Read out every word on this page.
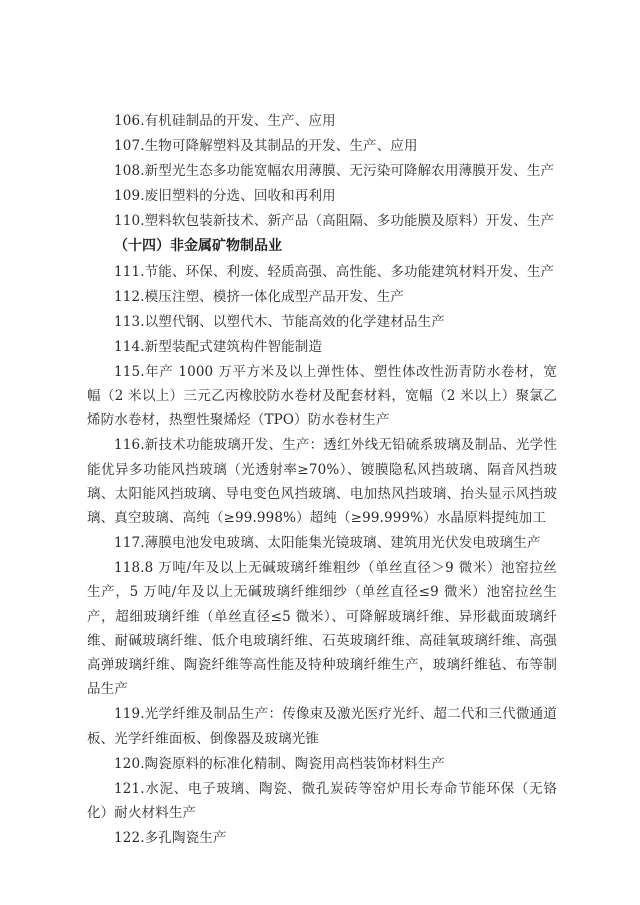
106.有机硅制品的开发、生产、应用

107.生物可降解塑料及其制品的开发、生产、应用

108.新型光生态多功能宽幅农用薄膜、无污染可降解农用薄膜开发、生产

109.废旧塑料的分选、回收和再利用

110.塑料软包装新技术、新产品（高阻隔、多功能膜及原料）开发、生产

（十四）非金属矿物制品业

111.节能、环保、利废、轻质高强、高性能、多功能建筑材料开发、生产

112.模压注塑、模挤一体化成型产品开发、生产

113.以塑代钢、以塑代木、节能高效的化学建材品生产

114.新型装配式建筑构件智能制造

115.年产 1000 万平方米及以上弹性体、塑性体改性沥青防水卷材，宽幅（2 米以上）三元乙丙橡胶防水卷材及配套材料，宽幅（2 米以上）聚氯乙烯防水卷材，热塑性聚烯烃（TPO）防水卷材生产

116.新技术功能玻璃开发、生产：透红外线无铅硫系玻璃及制品、光学性能优异多功能风挡玻璃（光透射率≥70%）、镀膜隐私风挡玻璃、隔音风挡玻璃、太阳能风挡玻璃、导电变色风挡玻璃、电加热风挡玻璃、抬头显示风挡玻璃、真空玻璃、高纯（≥99.998%）超纯（≥99.999%）水晶原料提纯加工

117.薄膜电池发电玻璃、太阳能集光镜玻璃、建筑用光伏发电玻璃生产

118.8 万吨/年及以上无碱玻璃纤维粗纱（单丝直径＞9 微米）池窑拉丝生产，5 万吨/年及以上无碱玻璃纤维细纱（单丝直径≤9 微米）池窑拉丝生产，超细玻璃纤维（单丝直径≤5 微米）、可降解玻璃纤维、异形截面玻璃纤维、耐碱玻璃纤维、低介电玻璃纤维、石英玻璃纤维、高硅氧玻璃纤维、高强高弹玻璃纤维、陶瓷纤维等高性能及特种玻璃纤维生产，玻璃纤维毡、布等制品生产

119.光学纤维及制品生产：传像束及激光医疗光纤、超二代和三代微通道板、光学纤维面板、倒像器及玻璃光锥

120.陶瓷原料的标准化精制、陶瓷用高档装饰材料生产

121.水泥、电子玻璃、陶瓷、微孔炭砖等窑炉用长寿命节能环保（无铬化）耐火材料生产

122.多孔陶瓷生产
